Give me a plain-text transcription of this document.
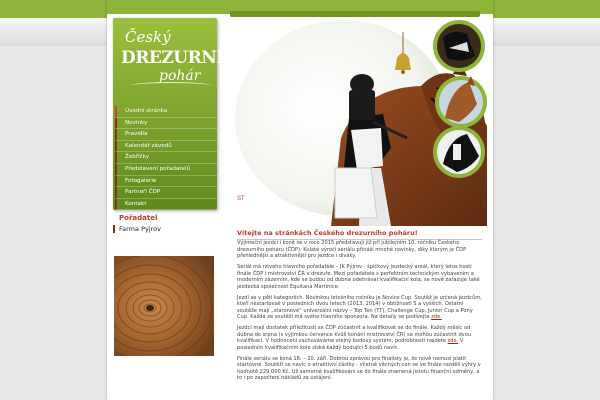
Český
DREZURNÍ
pohár
Úvodní stránka
Novinky
Pravidla
Kalendář závodů
Žebříčky
Představení pořadatelů
Fotogalerie
Partneři ČDP
Kontakt
Pořadatel
Farma Pýjrov
ST
Vítejte na stránkách Českého drezurního poháru!

Výjimeční jezdci i koně se v roce 2015 představují již při jubilejním 10. ročníku Českého drezurního poháru (ČDP). Kulaté výročí seriálu přináší mnohé novinky, díky kterým je ČDP přehlednější a atraktivnější pro jezdce i diváky.

Seriál má nového hlavního pořadatele – JK Pýjrov - špičkový jezdecký areál, který letos hostí finále ČDP i mistrovství ČR v drezuře. Mezi pořadatele s perfektním technickým vybavením a moderním zázemím, kde se budou od dubna odehrávat kvalifikační kola, se nově zařazuje také jezdecká společnost Equitana Martinice.

Jezdí se v pěti kategoriích. Novinkou letošního ročníku je Novice Cup. Soutěž je určená jezdcům, kteří nestartovali v posledních dvou letech (2013, 2014) v obtížnosti S a vyšších. Ostatní soutěže mají „staronové“ univerzální názvy – Top Ten (TT), Challenge Cup, Junior Cup a Pony Cup. Každá ze soutěží má svého hlavního sponzora. Na detaily se podívejte zde.

Jezdci mají dostatek příležitostí se ČDP zúčastnit a kvalifikovat se do finále. Každý měsíc od dubna do srpna (s výjimkou července kvůli konání mistrovství ČR) se mohou zúčastnit dvou kvalifikací. V hodnocení zachováváme stejný bodový systém, podrobnosti najdete zde. V posledním kvalifikačním kole získá každý bodující 5 bodů navíc.

Finále seriálu se koná 18. – 20. září. Dobrou zprávou pro finalisty je, že nově nemusí platit startovné. Soutěží se navíc o atraktivní částky - včetně věcných cen se ve finále rozdělí výhry v hodnotě 229 000 Kč. Už samotné kvalifikování se do finále znamená jistotu finanční odměny, a to i po započtení nákladů za ustájení.
